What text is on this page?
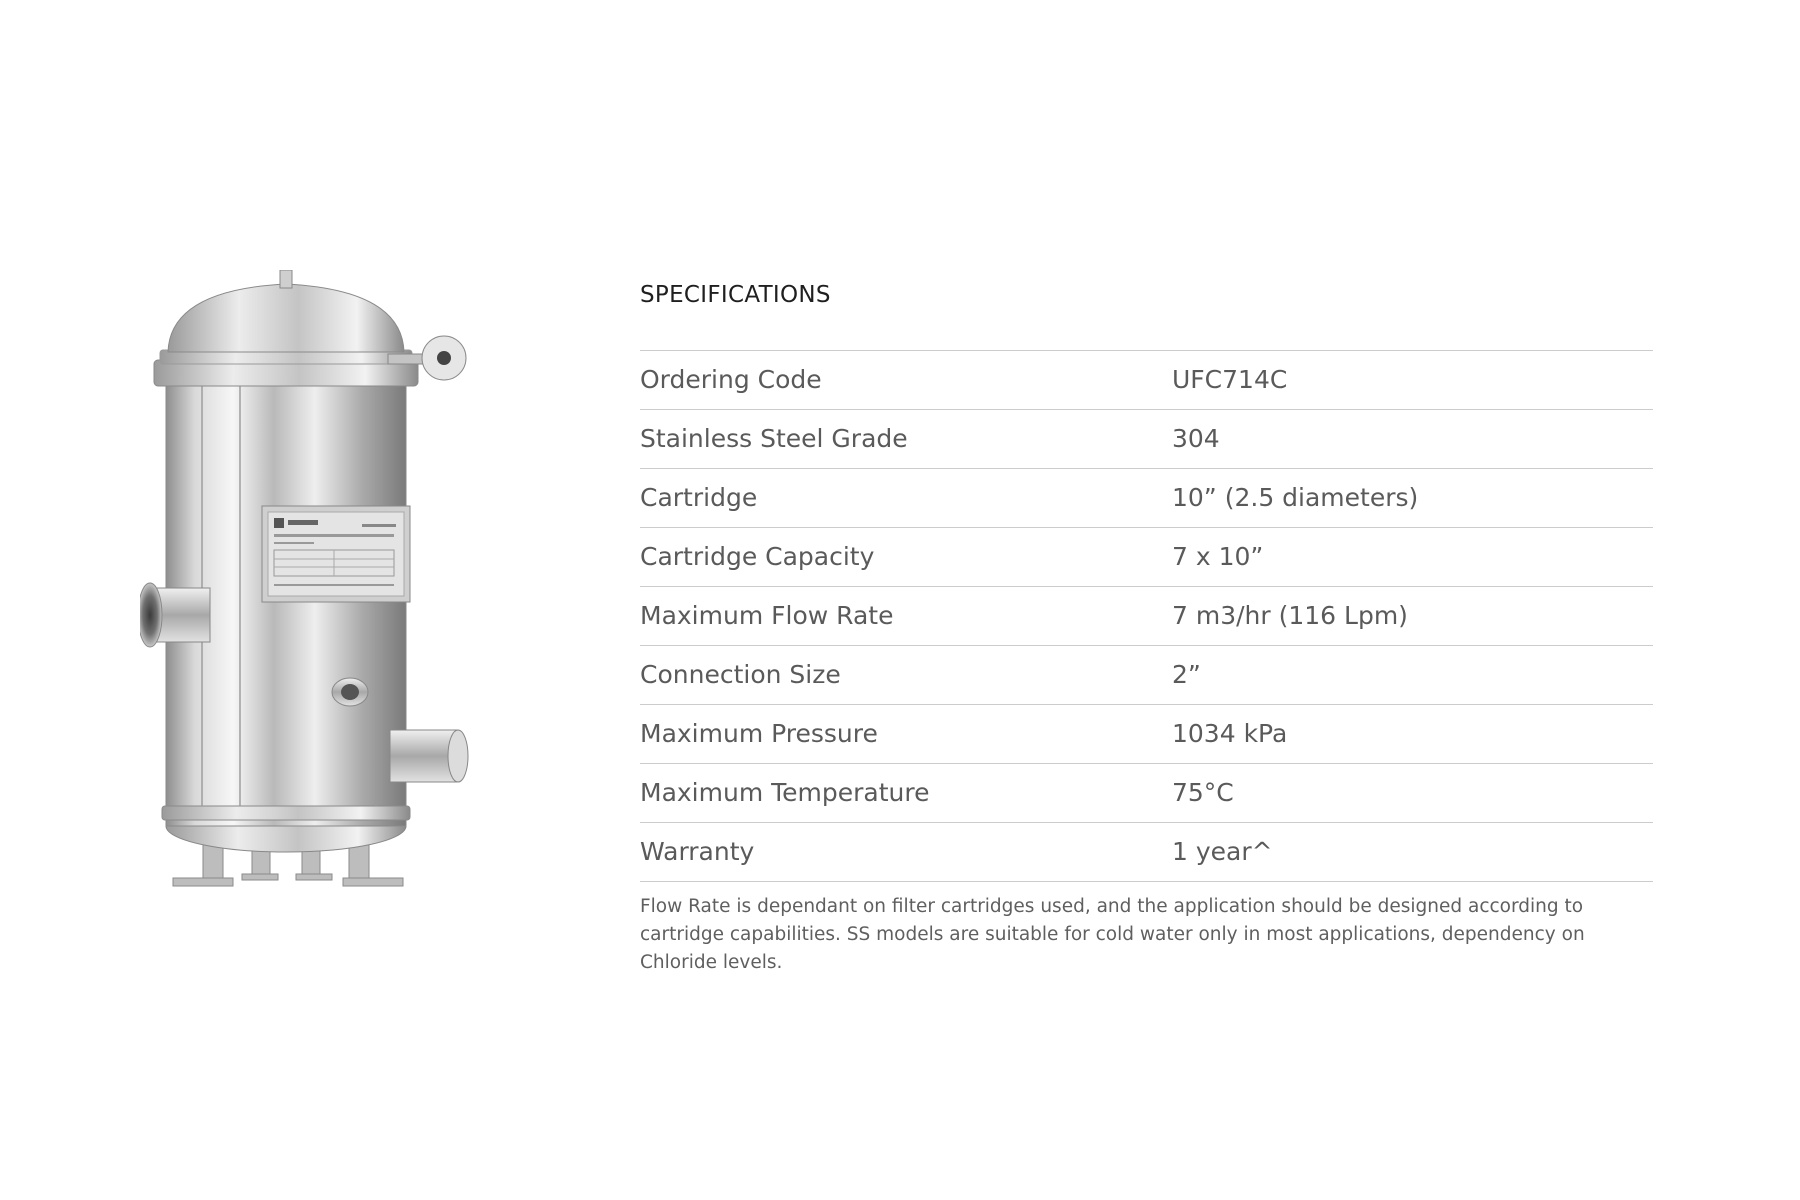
SPECIFICATIONS
Ordering Code	UFC714C
Stainless Steel Grade	304
Cartridge	10” (2.5 diameters)
Cartridge Capacity	7 x 10”
Maximum Flow Rate	7 m3/hr (116 Lpm)
Connection Size	2”
Maximum Pressure	1034 kPa
Maximum Temperature	75°C
Warranty	1 year^

Flow Rate is dependant on filter cartridges used, and the application should be designed according to cartridge capabilities. SS models are suitable for cold water only in most applications, dependency on Chloride levels.
